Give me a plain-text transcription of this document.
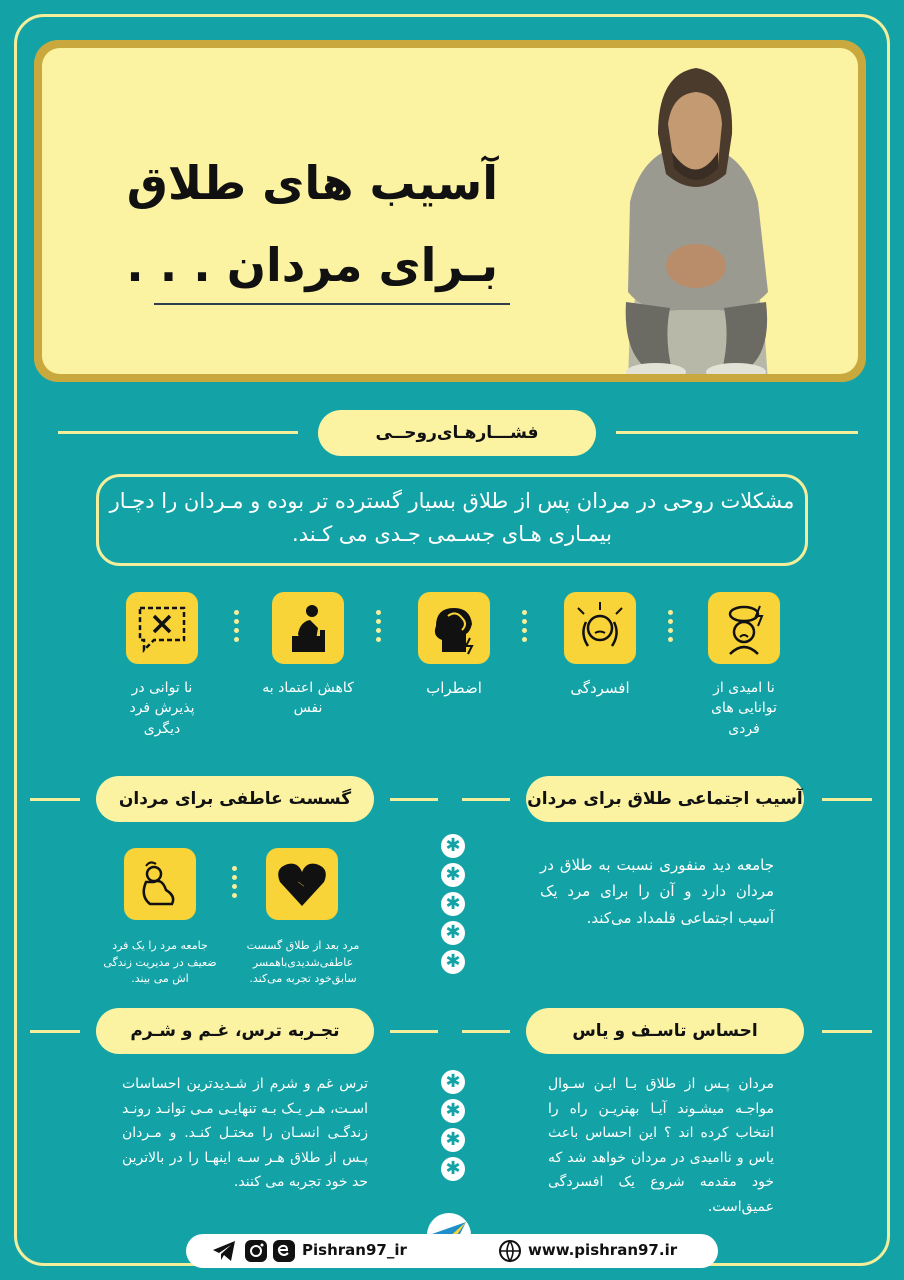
آسیب های طلاق
بـرای مردان . . .
فشـــارهـای‌روحــی
مشکلات روحی در مردان پس از طلاق بسیار گسترده تر بوده و مـردان را دچـار بیمـاری هـای جسـمی جـدی می کـند.
نا امیدی از توانایی های فردی
افسردگی
اضطراب
کاهش اعتماد به نفس
نا توانی در پذیرش فرد دیگری
گسست عاطفی برای مردان	آسیب اجتماعی طلاق برای مردان
✱
✱
✱
✱
✱
جامعه دید منفوری نسبت به طلاق در مردان دارد و آن را برای مرد یک آسیب اجتماعی قلمداد می‌کند.
مرد بعد از طلاق گسست عاطفی‌شدیدی‌باهمسر سابق‌خود تجربه می‌کند.
جامعه مرد را یک فرد ضعیف در مدیریت زندگی اش می بیند.
تجـربه ترس، غـم و شـرم	احساس تاسـف و یاس
✱
✱
✱
✱
مردان پـس از طلاق بـا ایـن سـوال مواجـه میشـوند آیـا بهتریـن راه را انتخاب کرده اند ؟ این احساس باعث یاس و ناامیدی در مردان خواهد شد که خود مقدمه شروع یک افسردگی عمیق‌است.
ترس غم و شرم از شـدیدترین احساسات اسـت، هـر یـک بـه تنهایـی مـی توانـد رونـد زندگـی انسـان را مختـل کنـد. و مـردان پـس از طلاق هـر سـه اینهـا را در بالاترین حد خود تجربه می کنند.
Pishran97_ir	www.pishran97.ir
